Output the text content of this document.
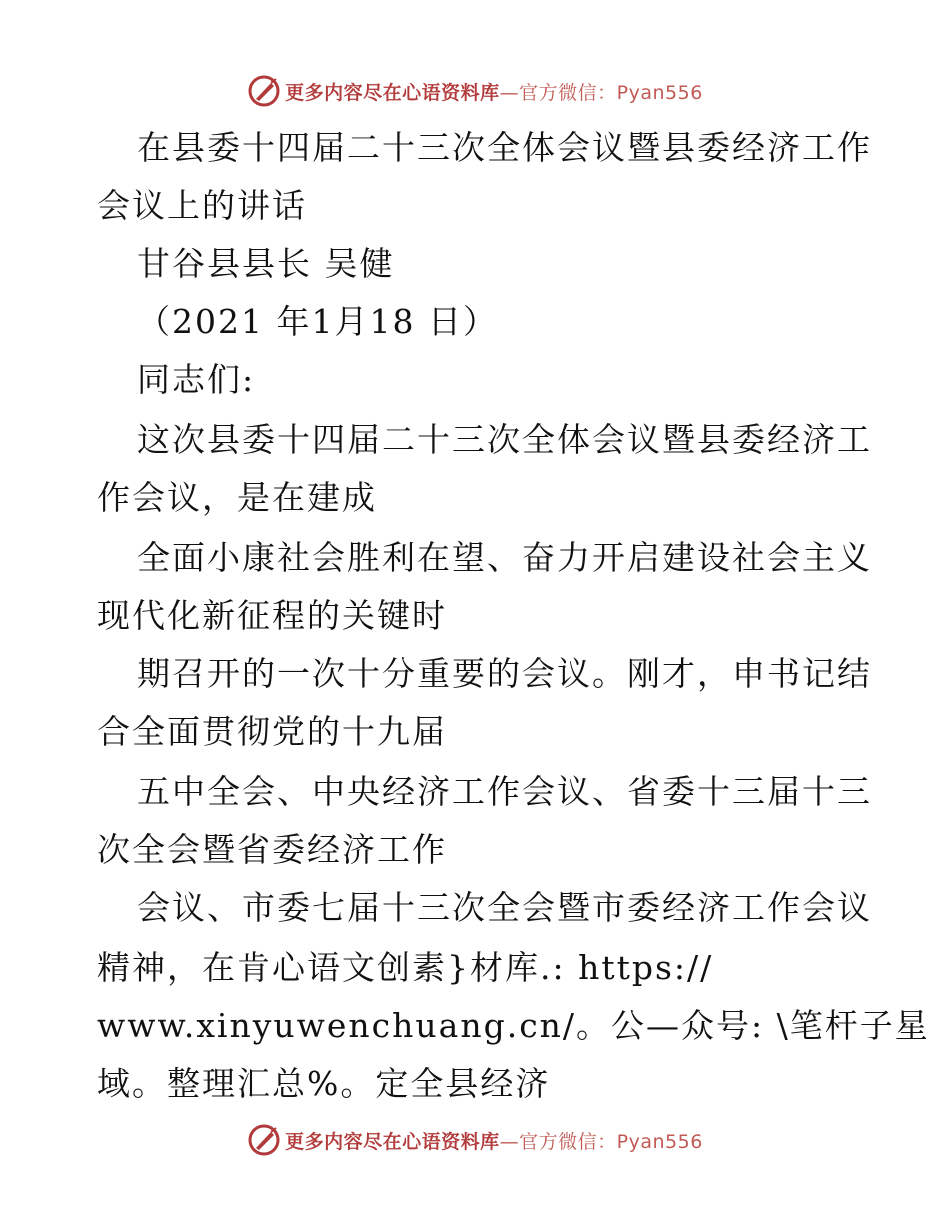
更多内容尽在心语资料库—官方微信：Pyan556
在县委十四届二十三次全体会议暨县委经济工作
会议上的讲话
甘谷县县长 吴健
（2021 年1月18 日）
同志们:
这次县委十四届二十三次全体会议暨县委经济工
作会议，是在建成
全面小康社会胜利在望、奋力开启建设社会主义
现代化新征程的关键时
期召开的一次十分重要的会议。刚才，申书记结
合全面贯彻党的十九届
五中全会、中央经济工作会议、省委十三届十三
次全会暨省委经济工作
会议、市委七届十三次全会暨市委经济工作会议
精神，在肯心语文创素}材库.: https://
www.xinyuwenchuang.cn/。公—众号: \笔杆子星
域。整理汇总%。定全县经济
更多内容尽在心语资料库—官方微信：Pyan556
